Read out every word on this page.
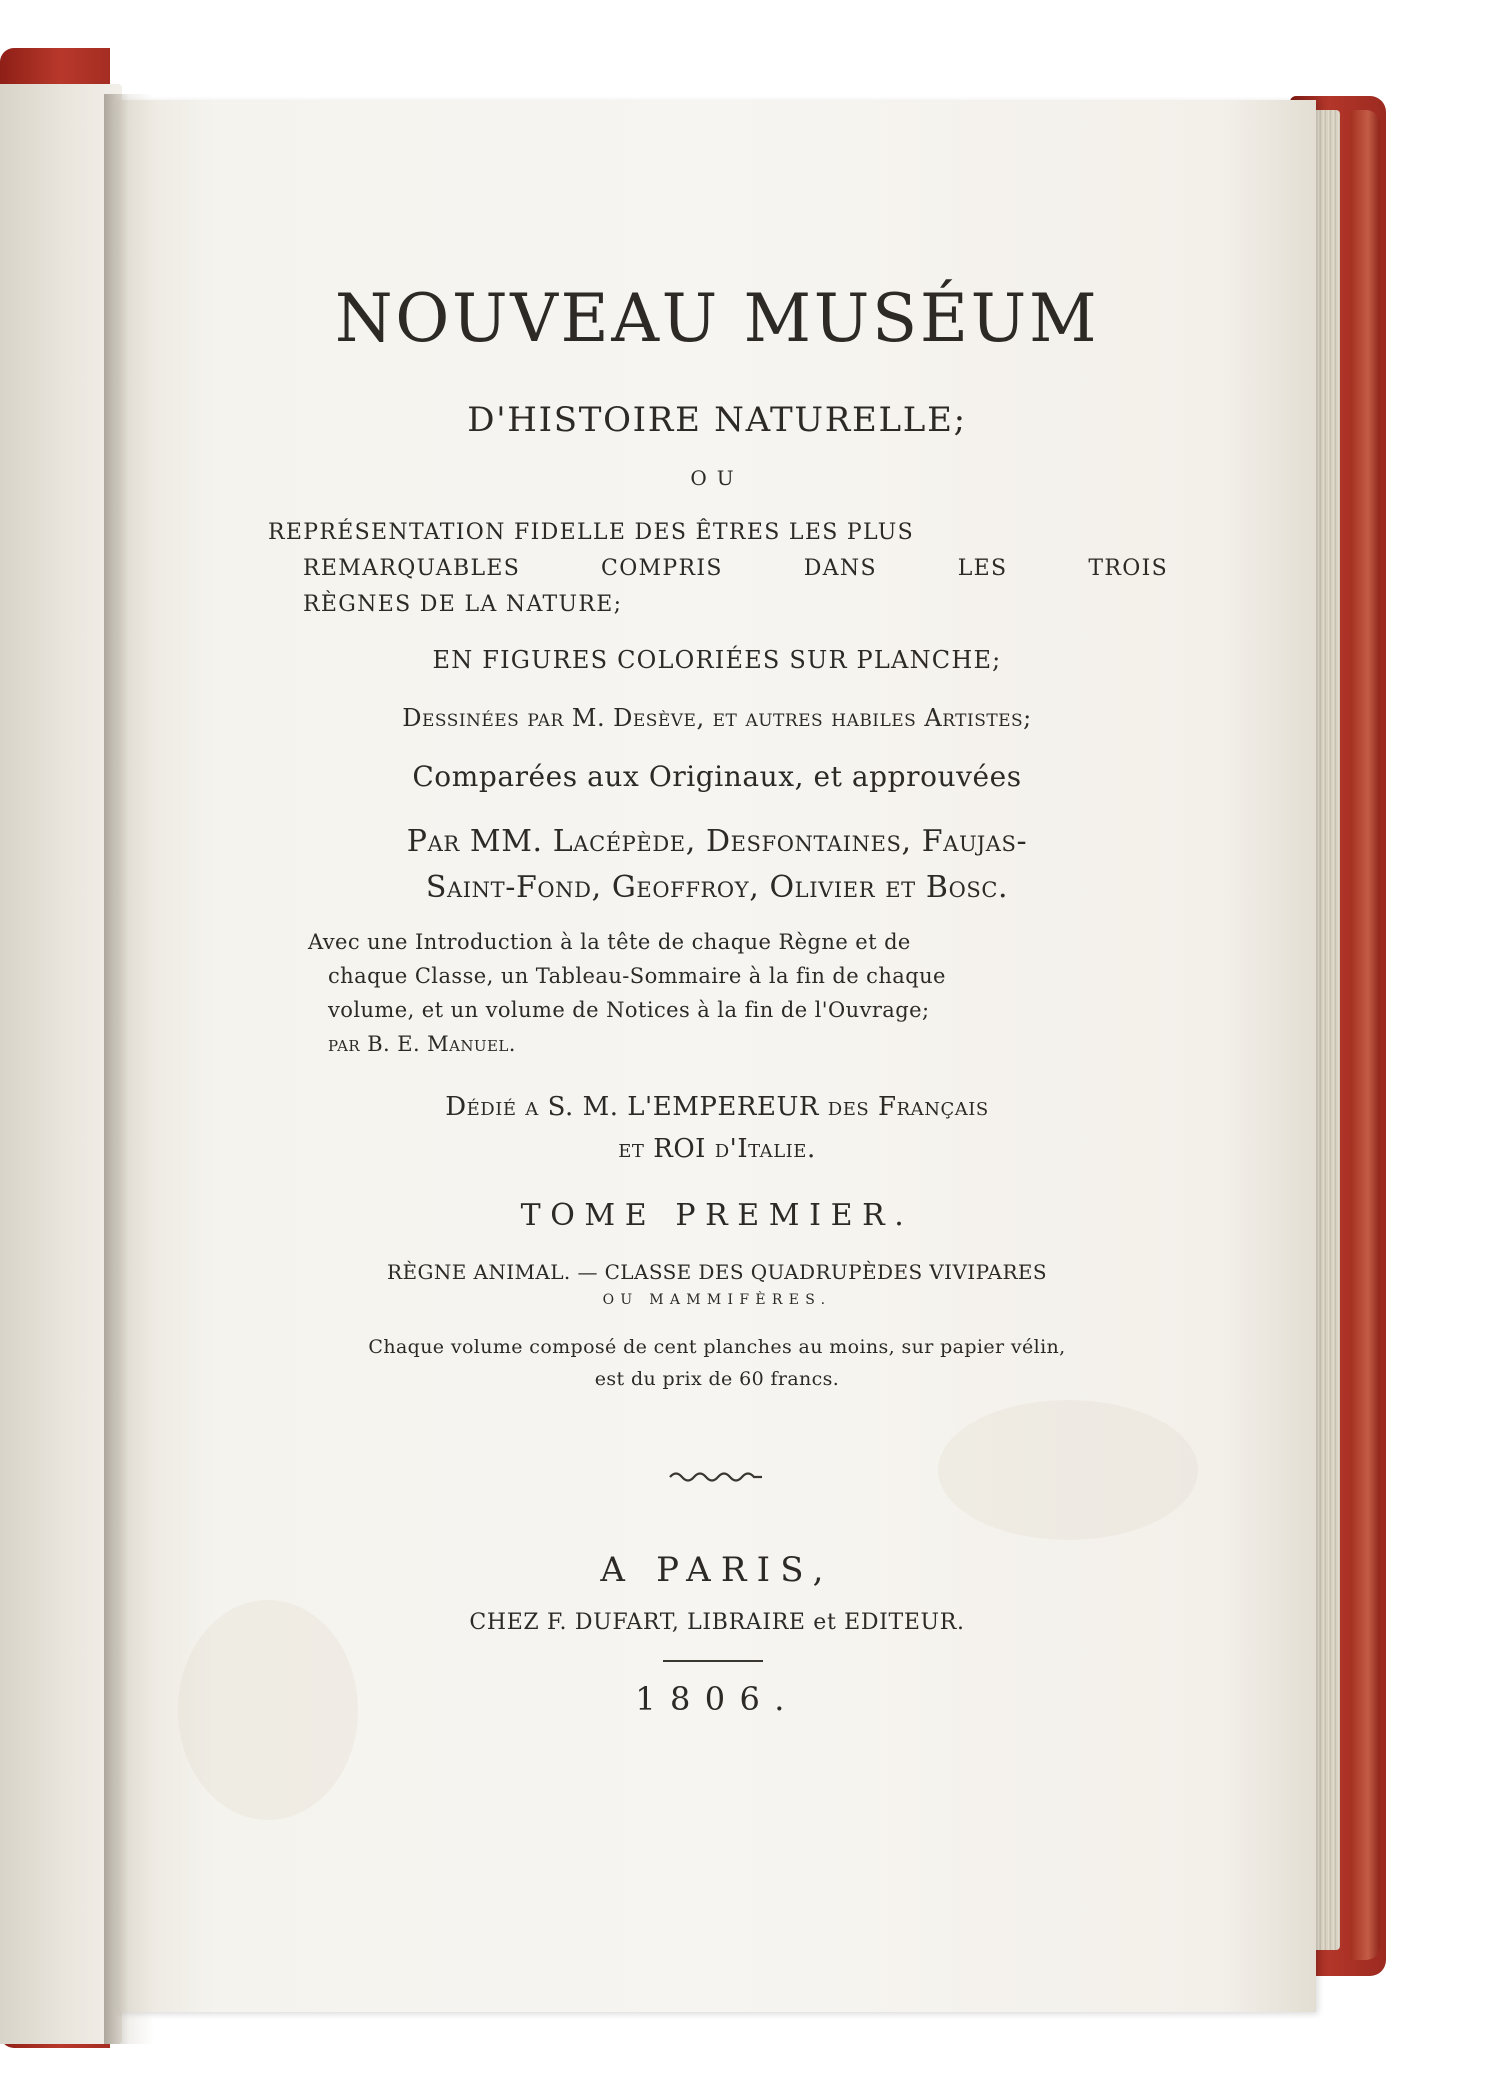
NOUVEAU MUSÉUM
D'HISTOIRE NATURELLE;
OU
REPRÉSENTATION FIDELLE DES ÊTRES LES PLUS
REMARQUABLES COMPRIS DANS LES TROIS
RÈGNES DE LA NATURE;
EN FIGURES COLORIÉES SUR PLANCHE;
Dessinées par M. Desève, et autres habiles Artistes;
Comparées aux Originaux, et approuvées
Par MM. Lacépède, Desfontaines, Faujas-
Saint-Fond, Geoffroy, Olivier et Bosc.
Avec une Introduction à la tête de chaque Règne et de
chaque Classe, un Tableau-Sommaire à la fin de chaque
volume, et un volume de Notices à la fin de l'Ouvrage;
par B. E. Manuel.
Dédié a S. M. L'EMPEREUR des Français
et ROI d'Italie.
TOME PREMIER.
RÈGNE ANIMAL. — CLASSE DES QUADRUPÈDES VIVIPARES
OU MAMMIFÈRES.
Chaque volume composé de cent planches au moins, sur papier vélin,
est du prix de 60 francs.
A PARIS,
CHEZ F. DUFART, LIBRAIRE et EDITEUR.
1806.
